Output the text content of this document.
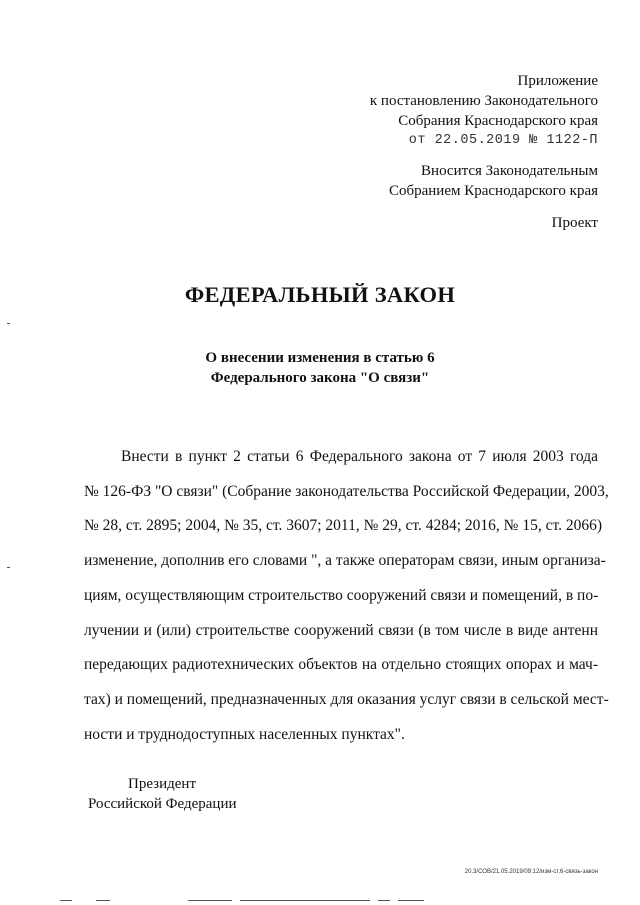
Приложение
к постановлению Законодательного
Собрания Краснодарского края
от 22.05.2019 № 1122-П
Вносится Законодательным
Собранием Краснодарского края
Проект
ФЕДЕРАЛЬНЫЙ ЗАКОН
О внесении изменения в статью 6
Федерального закона "О связи"
Внести в пункт 2 статьи 6 Федерального закона от 7 июля 2003 года
№ 126-ФЗ "О связи" (Собрание законодательства Российской Федерации, 2003,
№ 28, ст. 2895; 2004, № 35, ст. 3607; 2011, № 29, ст. 4284; 2016, № 15, ст. 2066)
изменение, дополнив его словами ", а также операторам связи, иным организа-
циям, осуществляющим строительство сооружений связи и помещений, в по-
лучении и (или) строительстве сооружений связи (в том числе в виде антенн
передающих радиотехнических объектов на отдельно стоящих опорах и мач-
тах) и помещений, предназначенных для оказания услуг связи в сельской мест-
ности и труднодоступных населенных пунктах".
Президент
Российской Федерации
20.3/СОВ/21.05.2019/09:12/изм-ст.6-связь-закон
